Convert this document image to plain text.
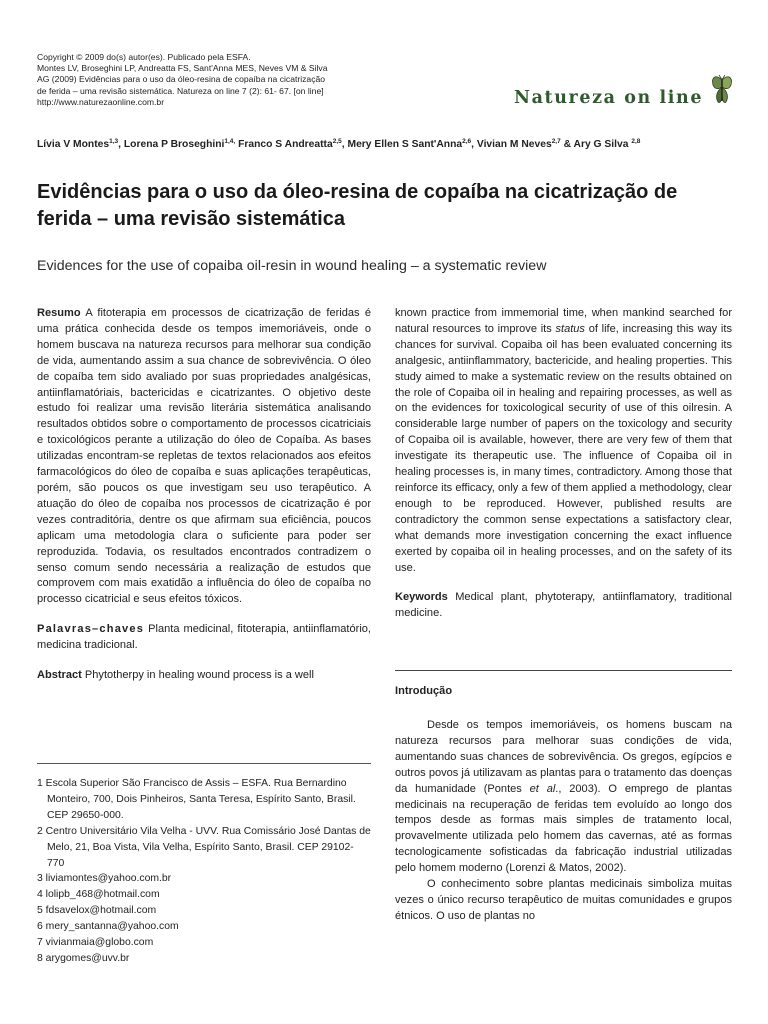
Copyright © 2009 do(s) autor(es). Publicado pela ESFA.
Montes LV, Broseghini LP, Andreatta FS, Sant'Anna MES, Neves VM & Silva
AG (2009) Evidências para o uso da óleo-resina de copaíba na cicatrização
de ferida – uma revisão sistemática. Natureza on line 7 (2): 61- 67. [on line]
http://www.naturezaonline.com.br	Natureza on line
Lívia V Montes$^{1,3}$, Lorena P Broseghini$^{1,4,}$ Franco S Andreatta$^{2,5}$, Mery Ellen S Sant'Anna$^{2,6}$, Vivian M Neves$^{2,7}$ & Ary G Silva $^{2,8}$
Evidências para o uso da óleo-resina de copaíba na cicatrização de ferida – uma revisão sistemática
Evidences for the use of copaiba oil-resin in wound healing – a systematic review

Resumo A fitoterapia em processos de cicatrização de feridas é uma prática conhecida desde os tempos imemoriáveis, onde o homem buscava na natureza recursos para melhorar sua condição de vida, aumentando assim a sua chance de sobrevivência. O óleo de copaíba tem sido avaliado por suas propriedades analgésicas, antiinflamatóriais, bactericidas e cicatrizantes. O objetivo deste estudo foi realizar uma revisão literária sistemática analisando resultados obtidos sobre o comportamento de processos cicatriciais e toxicológicos perante a utilização do óleo de Copaíba. As bases utilizadas encontram-se repletas de textos relacionados aos efeitos farmacológicos do óleo de copaíba e suas aplicações terapêuticas, porém, são poucos os que investigam seu uso terapêutico. A atuação do óleo de copaíba nos processos de cicatrização é por vezes contraditória, dentre os que afirmam sua eficiência, poucos aplicam uma metodologia clara o suficiente para poder ser reproduzida. Todavia, os resultados encontrados contradizem o senso comum sendo necessária a realização de estudos que comprovem com mais exatidão a influência do óleo de copaíba no processo cicatricial e seus efeitos tóxicos.

Palavras–chaves Planta medicinal, fitoterapia, antiinflamatório, medicina tradicional.

Abstract Phytotherpy in healing wound process is a well

1 Escola Superior São Francisco de Assis – ESFA. Rua Bernardino Monteiro, 700, Dois Pinheiros, Santa Teresa, Espírito Santo, Brasil. CEP 29650-000.
2 Centro Universitário Vila Velha - UVV. Rua Comissário José Dantas de Melo, 21, Boa Vista, Vila Velha, Espírito Santo, Brasil. CEP 29102-770
3 liviamontes@yahoo.com.br
4 lolipb_468@hotmail.com
5 fdsavelox@hotmail.com
6 mery_santanna@yahoo.com
7 vivianmaia@globo.com
8 arygomes@uvv.br

known practice from immemorial time, when mankind searched for natural resources to improve its status of life, increasing this way its chances for survival. Copaiba oil has been evaluated concerning its analgesic, antiinflammatory, bactericide, and healing properties. This study aimed to make a systematic review on the results obtained on the role of Copaiba oil in healing and repairing processes, as well as on the evidences for toxicological security of use of this oilresin. A considerable large number of papers on the toxicology and security of Copaiba oil is available, however, there are very few of them that investigate its therapeutic use. The influence of Copaiba oil in healing processes is, in many times, contradictory. Among those that reinforce its efficacy, only a few of them applied a methodology, clear enough to be reproduced. However, published results are contradictory the common sense expectations a satisfactory clear, what demands more investigation concerning the exact influence exerted by copaiba oil in healing processes, and on the safety of its use.

Keywords Medical plant, phytoterapy, antiinflamatory, traditional medicine.

Introdução

Desde os tempos imemoriáveis, os homens buscam na natureza recursos para melhorar suas condições de vida, aumentando suas chances de sobrevivência. Os gregos, egípcios e outros povos já utilizavam as plantas para o tratamento das doenças da humanidade (Pontes et al., 2003). O emprego de plantas medicinais na recuperação de feridas tem evoluído ao longo dos tempos desde as formas mais simples de tratamento local, provavelmente utilizada pelo homem das cavernas, até as formas tecnologicamente sofisticadas da fabricação industrial utilizadas pelo homem moderno (Lorenzi & Matos, 2002).

O conhecimento sobre plantas medicinais simboliza muitas vezes o único recurso terapêutico de muitas comunidades e grupos étnicos. O uso de plantas no
